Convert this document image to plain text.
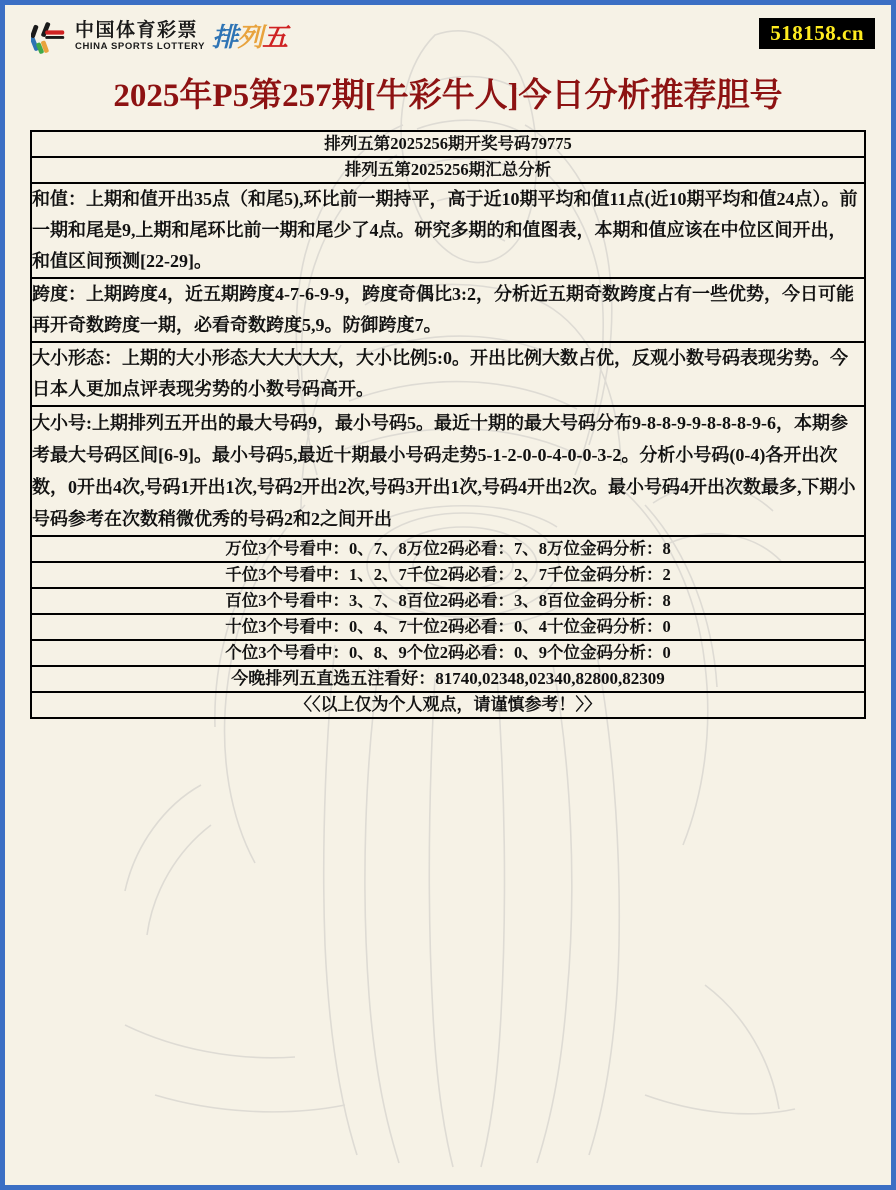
中国体育彩票
CHINA SPORTS LOTTERY 排列五	518158.cn
2025年P5第257期[牛彩牛人]今日分析推荐胆号
排列五第2025256期开奖号码79775
排列五第2025256期汇总分析
和值：上期和值开出35点（和尾5),环比前一期持平，高于近10期平均和值11点(近10期平均和值24点）。前一期和尾是9,上期和尾环比前一期和尾少了4点。研究多期的和值图表，本期和值应该在中位区间开出，和值区间预测[22-29]。
跨度：上期跨度4，近五期跨度4-7-6-9-9，跨度奇偶比3:2，分析近五期奇数跨度占有一些优势，今日可能再开奇数跨度一期，必看奇数跨度5,9。防御跨度7。
大小形态：上期的大小形态大大大大大，大小比例5:0。开出比例大数占优，反观小数号码表现劣势。今日本人更加点评表现劣势的小数号码高开。
大小号:上期排列五开出的最大号码9，最小号码5。最近十期的最大号码分布9-8-8-9-9-8-8-8-9-6，本期参考最大号码区间[6-9]。最小号码5,最近十期最小号码走势5-1-2-0-0-4-0-0-3-2。分析小号码(0-4)各开出次数，0开出4次,号码1开出1次,号码2开出2次,号码3开出1次,号码4开出2次。最小号码4开出次数最多,下期小号码参考在次数稍微优秀的号码2和2之间开出
万位3个号看中：0、7、8万位2码必看：7、8万位金码分析：8
千位3个号看中：1、2、7千位2码必看：2、7千位金码分析：2
百位3个号看中：3、7、8百位2码必看：3、8百位金码分析：8
十位3个号看中：0、4、7十位2码必看：0、4十位金码分析：0
个位3个号看中：0、8、9个位2码必看：0、9个位金码分析：0
今晚排列五直选五注看好：81740,02348,02340,82800,82309
〈〈以上仅为个人观点，请谨慎参考！〉〉
